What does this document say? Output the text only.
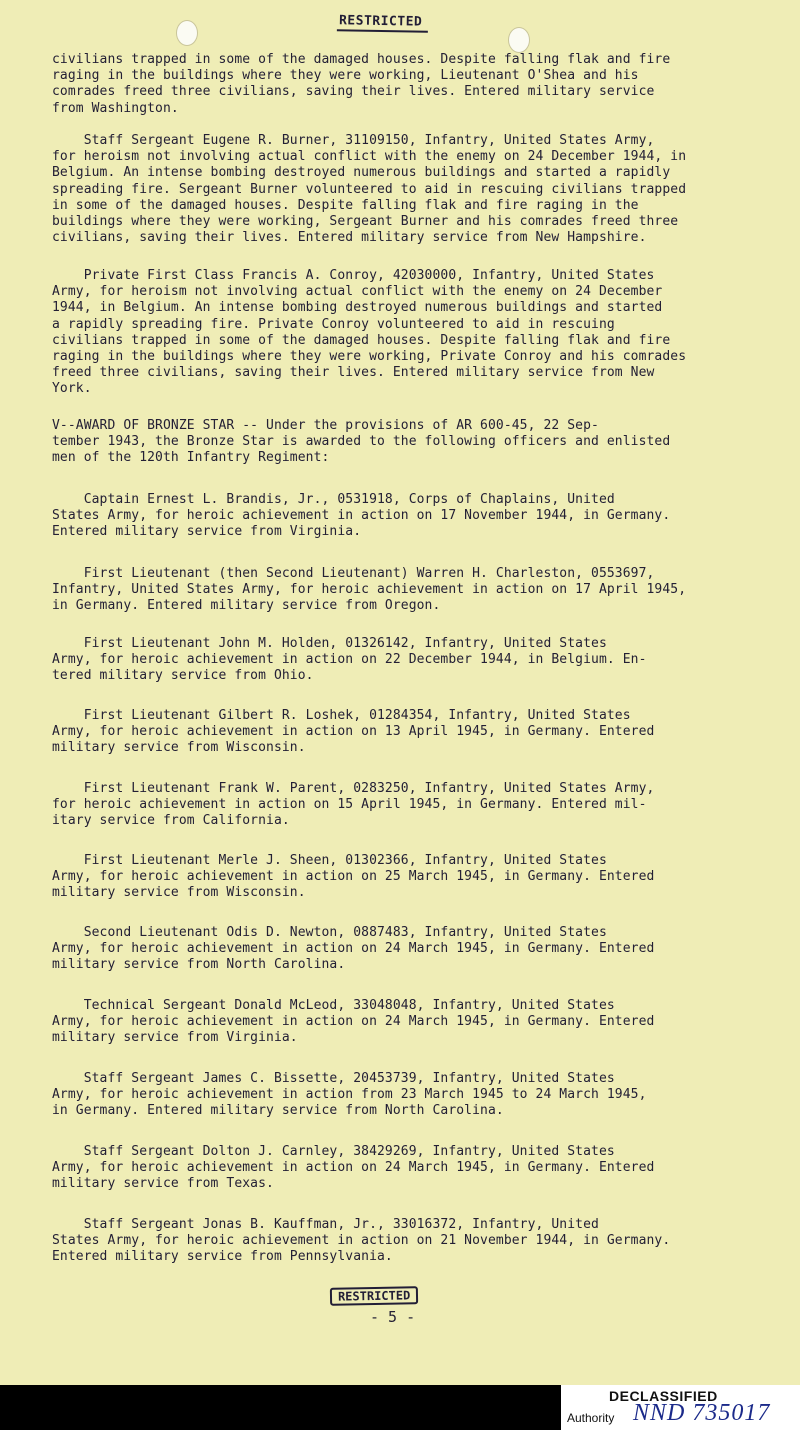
RESTRICTED
civilians trapped in some of the damaged houses. Despite falling flak and fire
raging in the buildings where they were working, Lieutenant O'Shea and his
comrades freed three civilians, saving their lives. Entered military service
from Washington.
Staff Sergeant Eugene R. Burner, 31109150, Infantry, United States Army,
for heroism not involving actual conflict with the enemy on 24 December 1944, in
Belgium. An intense bombing destroyed numerous buildings and started a rapidly
spreading fire. Sergeant Burner volunteered to aid in rescuing civilians trapped
in some of the damaged houses. Despite falling flak and fire raging in the
buildings where they were working, Sergeant Burner and his comrades freed three
civilians, saving their lives. Entered military service from New Hampshire.
Private First Class Francis A. Conroy, 42030000, Infantry, United States
Army, for heroism not involving actual conflict with the enemy on 24 December
1944, in Belgium. An intense bombing destroyed numerous buildings and started
a rapidly spreading fire. Private Conroy volunteered to aid in rescuing
civilians trapped in some of the damaged houses. Despite falling flak and fire
raging in the buildings where they were working, Private Conroy and his comrades
freed three civilians, saving their lives. Entered military service from New
York.
V--AWARD OF BRONZE STAR -- Under the provisions of AR 600-45, 22 Sep-
tember 1943, the Bronze Star is awarded to the following officers and enlisted
men of the 120th Infantry Regiment:
Captain Ernest L. Brandis, Jr., 0531918, Corps of Chaplains, United
States Army, for heroic achievement in action on 17 November 1944, in Germany.
Entered military service from Virginia.
First Lieutenant (then Second Lieutenant) Warren H. Charleston, 0553697,
Infantry, United States Army, for heroic achievement in action on 17 April 1945,
in Germany. Entered military service from Oregon.
First Lieutenant John M. Holden, 01326142, Infantry, United States
Army, for heroic achievement in action on 22 December 1944, in Belgium. En-
tered military service from Ohio.
First Lieutenant Gilbert R. Loshek, 01284354, Infantry, United States
Army, for heroic achievement in action on 13 April 1945, in Germany. Entered
military service from Wisconsin.
First Lieutenant Frank W. Parent, 0283250, Infantry, United States Army,
for heroic achievement in action on 15 April 1945, in Germany. Entered mil-
itary service from California.
First Lieutenant Merle J. Sheen, 01302366, Infantry, United States
Army, for heroic achievement in action on 25 March 1945, in Germany. Entered
military service from Wisconsin.
Second Lieutenant Odis D. Newton, 0887483, Infantry, United States
Army, for heroic achievement in action on 24 March 1945, in Germany. Entered
military service from North Carolina.
Technical Sergeant Donald McLeod, 33048048, Infantry, United States
Army, for heroic achievement in action on 24 March 1945, in Germany. Entered
military service from Virginia.
Staff Sergeant James C. Bissette, 20453739, Infantry, United States
Army, for heroic achievement in action from 23 March 1945 to 24 March 1945,
in Germany. Entered military service from North Carolina.
Staff Sergeant Dolton J. Carnley, 38429269, Infantry, United States
Army, for heroic achievement in action on 24 March 1945, in Germany. Entered
military service from Texas.
Staff Sergeant Jonas B. Kauffman, Jr., 33016372, Infantry, United
States Army, for heroic achievement in action on 21 November 1944, in Germany.
Entered military service from Pennsylvania.
RESTRICTED
- 5 -
DECLASSIFIED
Authority NND 735017
